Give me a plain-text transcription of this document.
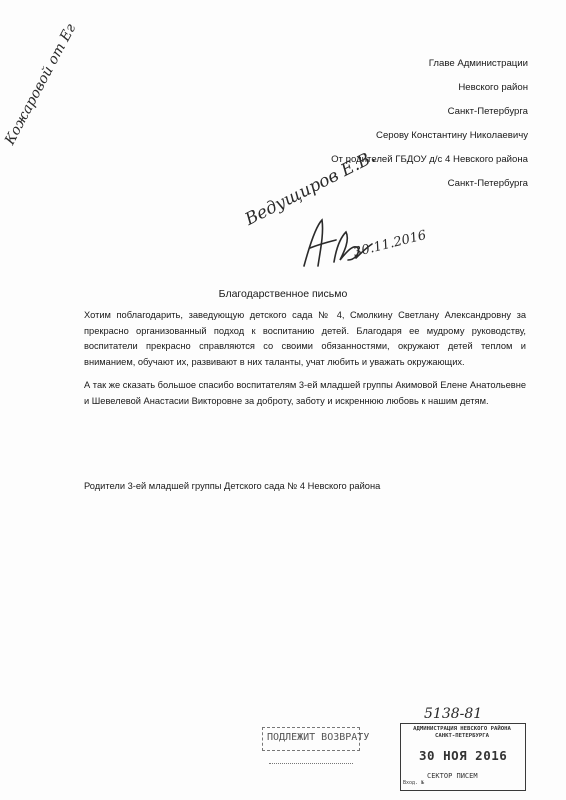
Кожаровой от Ег	Главе Администрации
Невского район
Санкт-Петербурга
Серову Константину Николаевичу
От родителей ГБДОУ д/с 4 Невского района
Санкт-Петербурга
Ведущиров Е.В.
30.11.2016
Благодарственное письмо
Хотим поблагодарить, заведующую детского сада № 4, Смолкину Светлану Александровну за прекрасно организованный подход к воспитанию детей. Благодаря ее мудрому руководству, воспитатели прекрасно справляются со своими обязанностями, окружают детей теплом и вниманием, обучают их, развивают в них таланты, учат любить и уважать окружающих.
А так же сказать большое спасибо воспитателям 3-ей младшей группы Акимовой Елене Анатольевне и Шевелевой Анастасии Викторовне за доброту, заботу и искреннюю любовь к нашим детям.
Родители 3-ей младшей группы Детского сада № 4 Невского района
ПОДЛЕЖИТ ВОЗВРАТУ
5138-81
АДМИНИСТРАЦИЯ НЕВСКОГО РАЙОНА САНКТ-ПЕТЕРБУРГА
30 НОЯ 2016
СЕКТОР ПИСЕМ
Вход. №
